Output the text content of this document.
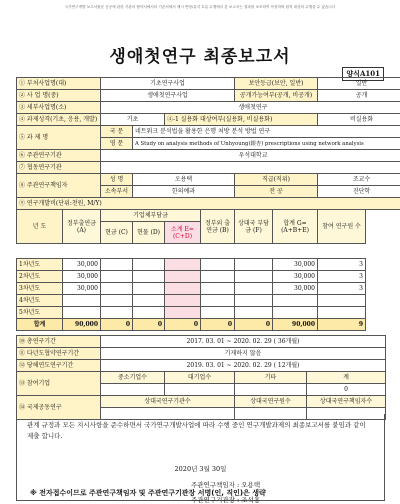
국가연구개발 보고서원문 공공에 관한 기관의 협약서에서의 기준서에서 제시 반영/유지 흐름 수행에서 본 보고서는 결과를 보조하여 작성하며 원칙 대상의 수행을 수 없습니다
생애첫연구 최종보고서
양식A101
① 부처사업명(대)		기초연구사업				보안등급(보안, 일반)		일반
② 사 업 명(중)		생애첫연구사업				공개가능여부(공개, 비공개)		공개
③ 세부사업명(소)		생애첫연구						
④ 과제성격(기초, 응용, 개발)		기초		④-1 실용화 대상여부(실용화, 비실용화)				비실용화
⑤ 과 제 명		국 문	네트워크 분석법을 활용한 은행 처방 분석 방법 연구					
		영 문	A Study on analysis methods of Unhyoung(銀杏) prescriptions using network analysis					
⑥ 주관연구기관		우석대학교						
⑦ 협동연구기관								
⑧ 주관연구책임자		성 명	오용택			직급(직위)		조교수
		소속부서	한의예과			전 공		진단학
⑨ 연구개발비(단위:천원, M/Y)								
년 도	정부출연금 (A)	기업체부담금			정부외 출연금 (B)	상대국 부담금 (F)	합계 G=(A+B+E)	참여 연구원 수
		현금 (C)	현물 (D)	소계 E=(C+D)				
1차년도	30,000						30,000	3
2차년도	30,000						30,000	3
3차년도	30,000						30,000	3
4차년도								
5차년도								
합계	90,000	0	0	0	0	0	90,000	9
⑩ 총연구기간	2017. 03. 01 ~ 2020. 02. 29 ( 36개월)			
⑪ 다년도협약연구기간	기재하지 않음			
⑫ 당해연도연구기간	2019. 03. 01 ~ 2020. 02. 29 ( 12개월)			
⑬ 참여기업	중소기업수	대기업수	기타	계
				0
⑭ 국제공동연구	상대국연구기관수		상대국연구원수	상대국연구책임자수

관계 규정과 모든 지시사항을 준수하면서 국가연구개발사업에 따라 수행 중인 연구개발과제의 최종보고서를 붙임과 같이 제출 합니다.
2020년 3월 30일
주관연구책임자 : 오용택
주관연구기관장 : 조석홍
※ 전자접수이므로 주관연구책임자 및 주관연구기관장 서명(인, 직인)은 생략
